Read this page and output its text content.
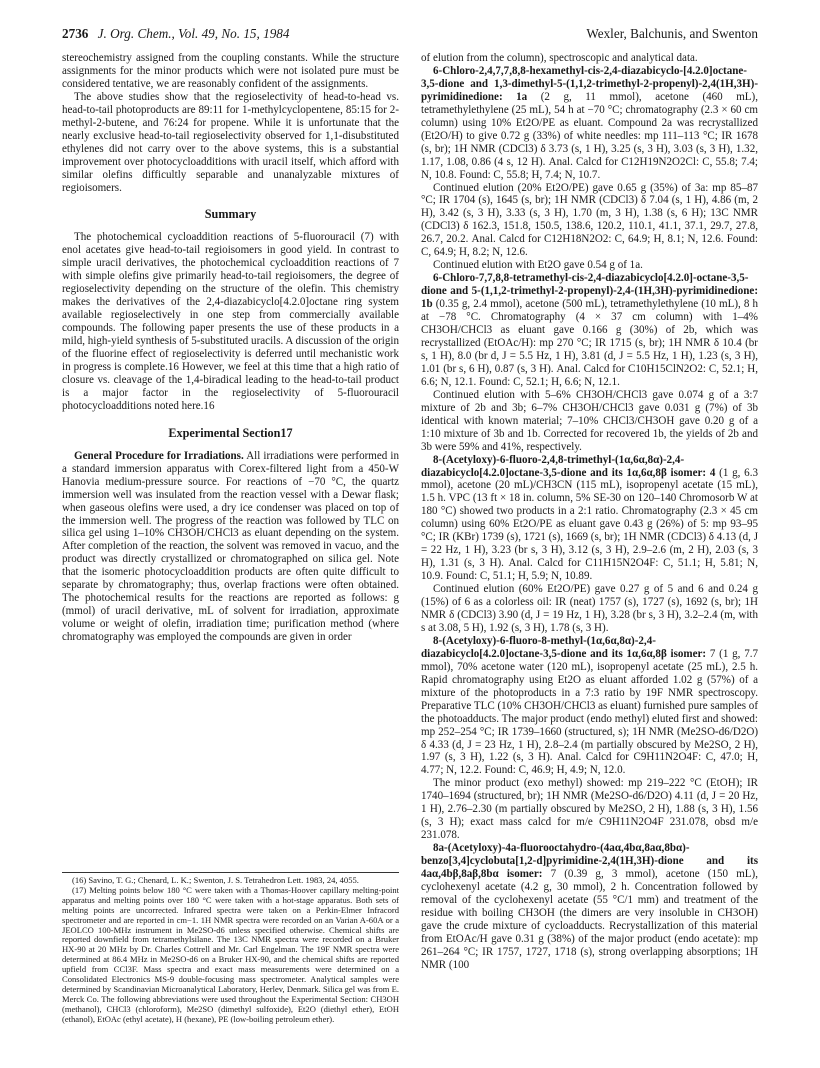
2736 J. Org. Chem., Vol. 49, No. 15, 1984	Wexler, Balchunis, and Swenton

stereochemistry assigned from the coupling constants. While the structure assignments for the minor products which were not isolated pure must be considered tentative, we are reasonably confident of the assignments.

The above studies show that the regioselectivity of head-to-head vs. head-to-tail photoproducts are 89:11 for 1-methylcyclopentene, 85:15 for 2-methyl-2-butene, and 76:24 for propene. While it is unfortunate that the nearly exclusive head-to-tail regioselectivity observed for 1,1-disubstituted ethylenes did not carry over to the above systems, this is a substantial improvement over photocycloadditions with uracil itself, which afford with similar olefins difficultly separable and unanalyzable mixtures of regioisomers.

Summary

The photochemical cycloaddition reactions of 5-fluorouracil (7) with enol acetates give head-to-tail regioisomers in good yield. In contrast to simple uracil derivatives, the photochemical cycloaddition reactions of 7 with simple olefins give primarily head-to-tail regioisomers, the degree of regioselectivity depending on the structure of the olefin. This chemistry makes the derivatives of the 2,4-diazabicyclo[4.2.0]octane ring system available regioselectively in one step from commercially available compounds. The following paper presents the use of these products in a mild, high-yield synthesis of 5-substituted uracils. A discussion of the origin of the fluorine effect of regioselectivity is deferred until mechanistic work in progress is complete.16 However, we feel at this time that a high ratio of closure vs. cleavage of the 1,4-biradical leading to the head-to-tail product is a major factor in the regioselectivity of 5-fluorouracil photocycloadditions noted here.16

Experimental Section17

General Procedure for Irradiations. All irradiations were performed in a standard immersion apparatus with Corex-filtered light from a 450-W Hanovia medium-pressure source. For reactions of −70 °C, the quartz immersion well was insulated from the reaction vessel with a Dewar flask; when gaseous olefins were used, a dry ice condenser was placed on top of the immersion well. The progress of the reaction was followed by TLC on silica gel using 1–10% CH3OH/CHCl3 as eluant depending on the system. After completion of the reaction, the solvent was removed in vacuo, and the product was directly crystallized or chromatographed on silica gel. Note that the isomeric photocycloaddition products are often quite difficult to separate by chromatography; thus, overlap fractions were often obtained. The photochemical results for the reactions are reported as follows: g (mmol) of uracil derivative, mL of solvent for irradiation, approximate volume or weight of olefin, irradiation time; purification method (where chromatography was employed the compounds are given in order

(16) Savino, T. G.; Chenard, L. K.; Swenton, J. S. Tetrahedron Lett. 1983, 24, 4055.

(17) Melting points below 180 °C were taken with a Thomas-Hoover capillary melting-point apparatus and melting points over 180 °C were taken with a hot-stage apparatus. Both sets of melting points are uncorrected. Infrared spectra were taken on a Perkin-Elmer Infracord spectrometer and are reported in cm−1. 1H NMR spectra were recorded on an Varian A-60A or a JEOLCO 100-MHz instrument in Me2SO-d6 unless specified otherwise. Chemical shifts are reported downfield from tetramethylsilane. The 13C NMR spectra were recorded on a Bruker HX-90 at 20 MHz by Dr. Charles Cottrell and Mr. Carl Engelman. The 19F NMR spectra were determined at 86.4 MHz in Me2SO-d6 on a Bruker HX-90, and the chemical shifts are reported upfield from CCl3F. Mass spectra and exact mass measurements were determined on a Consolidated Electronics MS-9 double-focusing mass spectrometer. Analytical samples were determined by Scandinavian Microanalytical Laboratory, Herlev, Denmark. Silica gel was from E. Merck Co. The following abbreviations were used throughout the Experimental Section: CH3OH (methanol), CHCl3 (chloroform), Me2SO (dimethyl sulfoxide), Et2O (diethyl ether), EtOH (ethanol), EtOAc (ethyl acetate), H (hexane), PE (low-boiling petroleum ether).

of elution from the column), spectroscopic and analytical data.

6-Chloro-2,4,7,7,8,8-hexamethyl-cis-2,4-diazabicyclo-[4.2.0]octane-3,5-dione and 1,3-dimethyl-5-(1,1,2-trimethyl-2-propenyl)-2,4(1H,3H)-pyrimidinedione: 1a (2 g, 11 mmol), acetone (460 mL), tetramethylethylene (25 mL), 54 h at −70 °C; chromatography (2.3 × 60 cm column) using 10% Et2O/PE as eluant. Compound 2a was recrystallized (Et2O/H) to give 0.72 g (33%) of white needles: mp 111–113 °C; IR 1678 (s, br); 1H NMR (CDCl3) δ 3.73 (s, 1 H), 3.25 (s, 3 H), 3.03 (s, 3 H), 1.32, 1.17, 1.08, 0.86 (4 s, 12 H). Anal. Calcd for C12H19N2O2Cl: C, 55.8; 7.4; N, 10.8. Found: C, 55.8; H, 7.4; N, 10.7.

Continued elution (20% Et2O/PE) gave 0.65 g (35%) of 3a: mp 85–87 °C; IR 1704 (s), 1645 (s, br); 1H NMR (CDCl3) δ 7.04 (s, 1 H), 4.86 (m, 2 H), 3.42 (s, 3 H), 3.33 (s, 3 H), 1.70 (m, 3 H), 1.38 (s, 6 H); 13C NMR (CDCl3) δ 162.3, 151.8, 150.5, 138.6, 120.2, 110.1, 41.1, 37.1, 29.7, 27.8, 26.7, 20.2. Anal. Calcd for C12H18N2O2: C, 64.9; H, 8.1; N, 12.6. Found: C, 64.9; H, 8.2; N, 12.6.

Continued elution with Et2O gave 0.54 g of 1a.

6-Chloro-7,7,8,8-tetramethyl-cis-2,4-diazabicyclo[4.2.0]-octane-3,5-dione and 5-(1,1,2-trimethyl-2-propenyl)-2,4-(1H,3H)-pyrimidinedione: 1b (0.35 g, 2.4 mmol), acetone (500 mL), tetramethylethylene (10 mL), 8 h at −78 °C. Chromatography (4 × 37 cm column) with 1–4% CH3OH/CHCl3 as eluant gave 0.166 g (30%) of 2b, which was recrystallized (EtOAc/H): mp 270 °C; IR 1715 (s, br); 1H NMR δ 10.4 (br s, 1 H), 8.0 (br d, J = 5.5 Hz, 1 H), 3.81 (d, J = 5.5 Hz, 1 H), 1.23 (s, 3 H), 1.01 (br s, 6 H), 0.87 (s, 3 H). Anal. Calcd for C10H15ClN2O2: C, 52.1; H, 6.6; N, 12.1. Found: C, 52.1; H, 6.6; N, 12.1.

Continued elution with 5–6% CH3OH/CHCl3 gave 0.074 g of a 3:7 mixture of 2b and 3b; 6–7% CH3OH/CHCl3 gave 0.031 g (7%) of 3b identical with known material; 7–10% CHCl3/CH3OH gave 0.20 g of a 1:10 mixture of 3b and 1b. Corrected for recovered 1b, the yields of 2b and 3b were 59% and 41%, respectively.

8-(Acetyloxy)-6-fluoro-2,4,8-trimethyl-(1α,6α,8α)-2,4-diazabicyclo[4.2.0]octane-3,5-dione and its 1α,6α,8β isomer: 4 (1 g, 6.3 mmol), acetone (20 mL)/CH3CN (115 mL), isopropenyl acetate (15 mL), 1.5 h. VPC (13 ft × 18 in. column, 5% SE-30 on 120–140 Chromosorb W at 180 °C) showed two products in a 2:1 ratio. Chromatography (2.3 × 45 cm column) using 60% Et2O/PE as eluant gave 0.43 g (26%) of 5: mp 93–95 °C; IR (KBr) 1739 (s), 1721 (s), 1669 (s, br); 1H NMR (CDCl3) δ 4.13 (d, J = 22 Hz, 1 H), 3.23 (br s, 3 H), 3.12 (s, 3 H), 2.9–2.6 (m, 2 H), 2.03 (s, 3 H), 1.31 (s, 3 H). Anal. Calcd for C11H15N2O4F: C, 51.1; H, 5.81; N, 10.9. Found: C, 51.1; H, 5.9; N, 10.89.

Continued elution (60% Et2O/PE) gave 0.27 g of 5 and 6 and 0.24 g (15%) of 6 as a colorless oil: IR (neat) 1757 (s), 1727 (s), 1692 (s, br); 1H NMR δ (CDCl3) 3.90 (d, J = 19 Hz, 1 H), 3.28 (br s, 3 H), 3.2–2.4 (m, with s at 3.08, 5 H), 1.92 (s, 3 H), 1.78 (s, 3 H).

8-(Acetyloxy)-6-fluoro-8-methyl-(1α,6α,8α)-2,4-diazabicyclo[4.2.0]octane-3,5-dione and its 1α,6α,8β isomer: 7 (1 g, 7.7 mmol), 70% acetone water (120 mL), isopropenyl acetate (25 mL), 2.5 h. Rapid chromatography using Et2O as eluant afforded 1.02 g (57%) of a mixture of the photoproducts in a 7:3 ratio by 19F NMR spectroscopy. Preparative TLC (10% CH3OH/CHCl3 as eluant) furnished pure samples of the photoadducts. The major product (endo methyl) eluted first and showed: mp 252–254 °C; IR 1739–1660 (structured, s); 1H NMR (Me2SO-d6/D2O) δ 4.33 (d, J = 23 Hz, 1 H), 2.8–2.4 (m partially obscured by Me2SO, 2 H), 1.97 (s, 3 H), 1.22 (s, 3 H). Anal. Calcd for C9H11N2O4F: C, 47.0; H, 4.77; N, 12.2. Found: C, 46.9; H, 4.9; N, 12.0.

The minor product (exo methyl) showed: mp 219–222 °C (EtOH); IR 1740–1694 (structured, br); 1H NMR (Me2SO-d6/D2O) 4.11 (d, J = 20 Hz, 1 H), 2.76–2.30 (m partially obscured by Me2SO, 2 H), 1.88 (s, 3 H), 1.56 (s, 3 H); exact mass calcd for m/e C9H11N2O4F 231.078, obsd m/e 231.078.

8a-(Acetyloxy)-4a-fluorooctahydro-(4aα,4bα,8aα,8bα)-benzo[3,4]cyclobuta[1,2-d]pyrimidine-2,4(1H,3H)-dione and its 4aα,4bβ,8aβ,8bα isomer: 7 (0.39 g, 3 mmol), acetone (150 mL), cyclohexenyl acetate (4.2 g, 30 mmol), 2 h. Concentration followed by removal of the cyclohexenyl acetate (55 °C/1 mm) and treatment of the residue with boiling CH3OH (the dimers are very insoluble in CH3OH) gave the crude mixture of cycloadducts. Recrystallization of this material from EtOAc/H gave 0.31 g (38%) of the major product (endo acetate): mp 261–264 °C; IR 1757, 1727, 1718 (s), strong overlapping absorptions; 1H NMR (100
